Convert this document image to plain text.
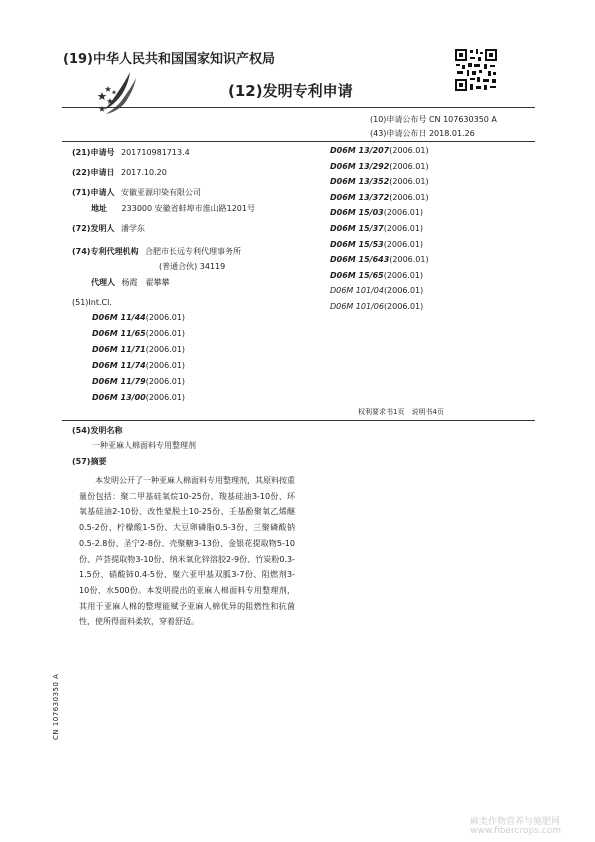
(19)中华人民共和国国家知识产权局
(12)发明专利申请
(10)申请公布号 CN 107630350 A
(43)申请公布日 2018.01.26
(21)申请号 201710981713.4
(22)申请日 2017.10.20
(71)申请人 安徽亚源印染有限公司
地址 233000 安徽省蚌埠市淮山路1201号
(72)发明人 潘学东
(74)专利代理机构 合肥市长远专利代理事务所
(普通合伙) 34119
代理人 杨霞　翟攀攀
(51)Int.Cl.
D06M 11/44(2006.01)
D06M 11/65(2006.01)
D06M 11/71(2006.01)
D06M 11/74(2006.01)
D06M 11/79(2006.01)
D06M 13/00(2006.01)
D06M 13/207(2006.01)
D06M 13/292(2006.01)
D06M 13/352(2006.01)
D06M 13/372(2006.01)
D06M 15/03(2006.01)
D06M 15/37(2006.01)
D06M 15/53(2006.01)
D06M 15/643(2006.01)
D06M 15/65(2006.01)
D06M 101/04(2006.01)
D06M 101/06(2006.01)
权利要求书1页　说明书4页
(54)发明名称
一种亚麻人棉面料专用整理剂
(57)摘要
本发明公开了一种亚麻人棉面料专用整理剂，其原料按重量份包括：聚二甲基硅氧烷10-25份、羧基硅油3-10份、环氧基硅油2-10份、改性蒙脱土10-25份、壬基酚聚氧乙烯醚0.5-2份、柠檬酸1-5份、大豆卵磷脂0.5-3份、三聚磷酸钠0.5-2.8份、圣宁2-8份、壳聚糖3-13份、金银花提取物5-10份、芦荟提取物3-10份、纳米氧化锌溶胶2-9份、竹炭粉0.3-1.5份、硝酸铈0.4-5份、聚六亚甲基双胍3-7份、阻燃剂3-10份、水500份。本发明提出的亚麻人棉面料专用整理剂，其用于亚麻人棉的整理能赋予亚麻人棉优异的阻燃性和抗菌性，使所得面料柔软，穿着舒适。
CN 107630350 A
麻类作物营养与施肥网
www.fibercrops.com
